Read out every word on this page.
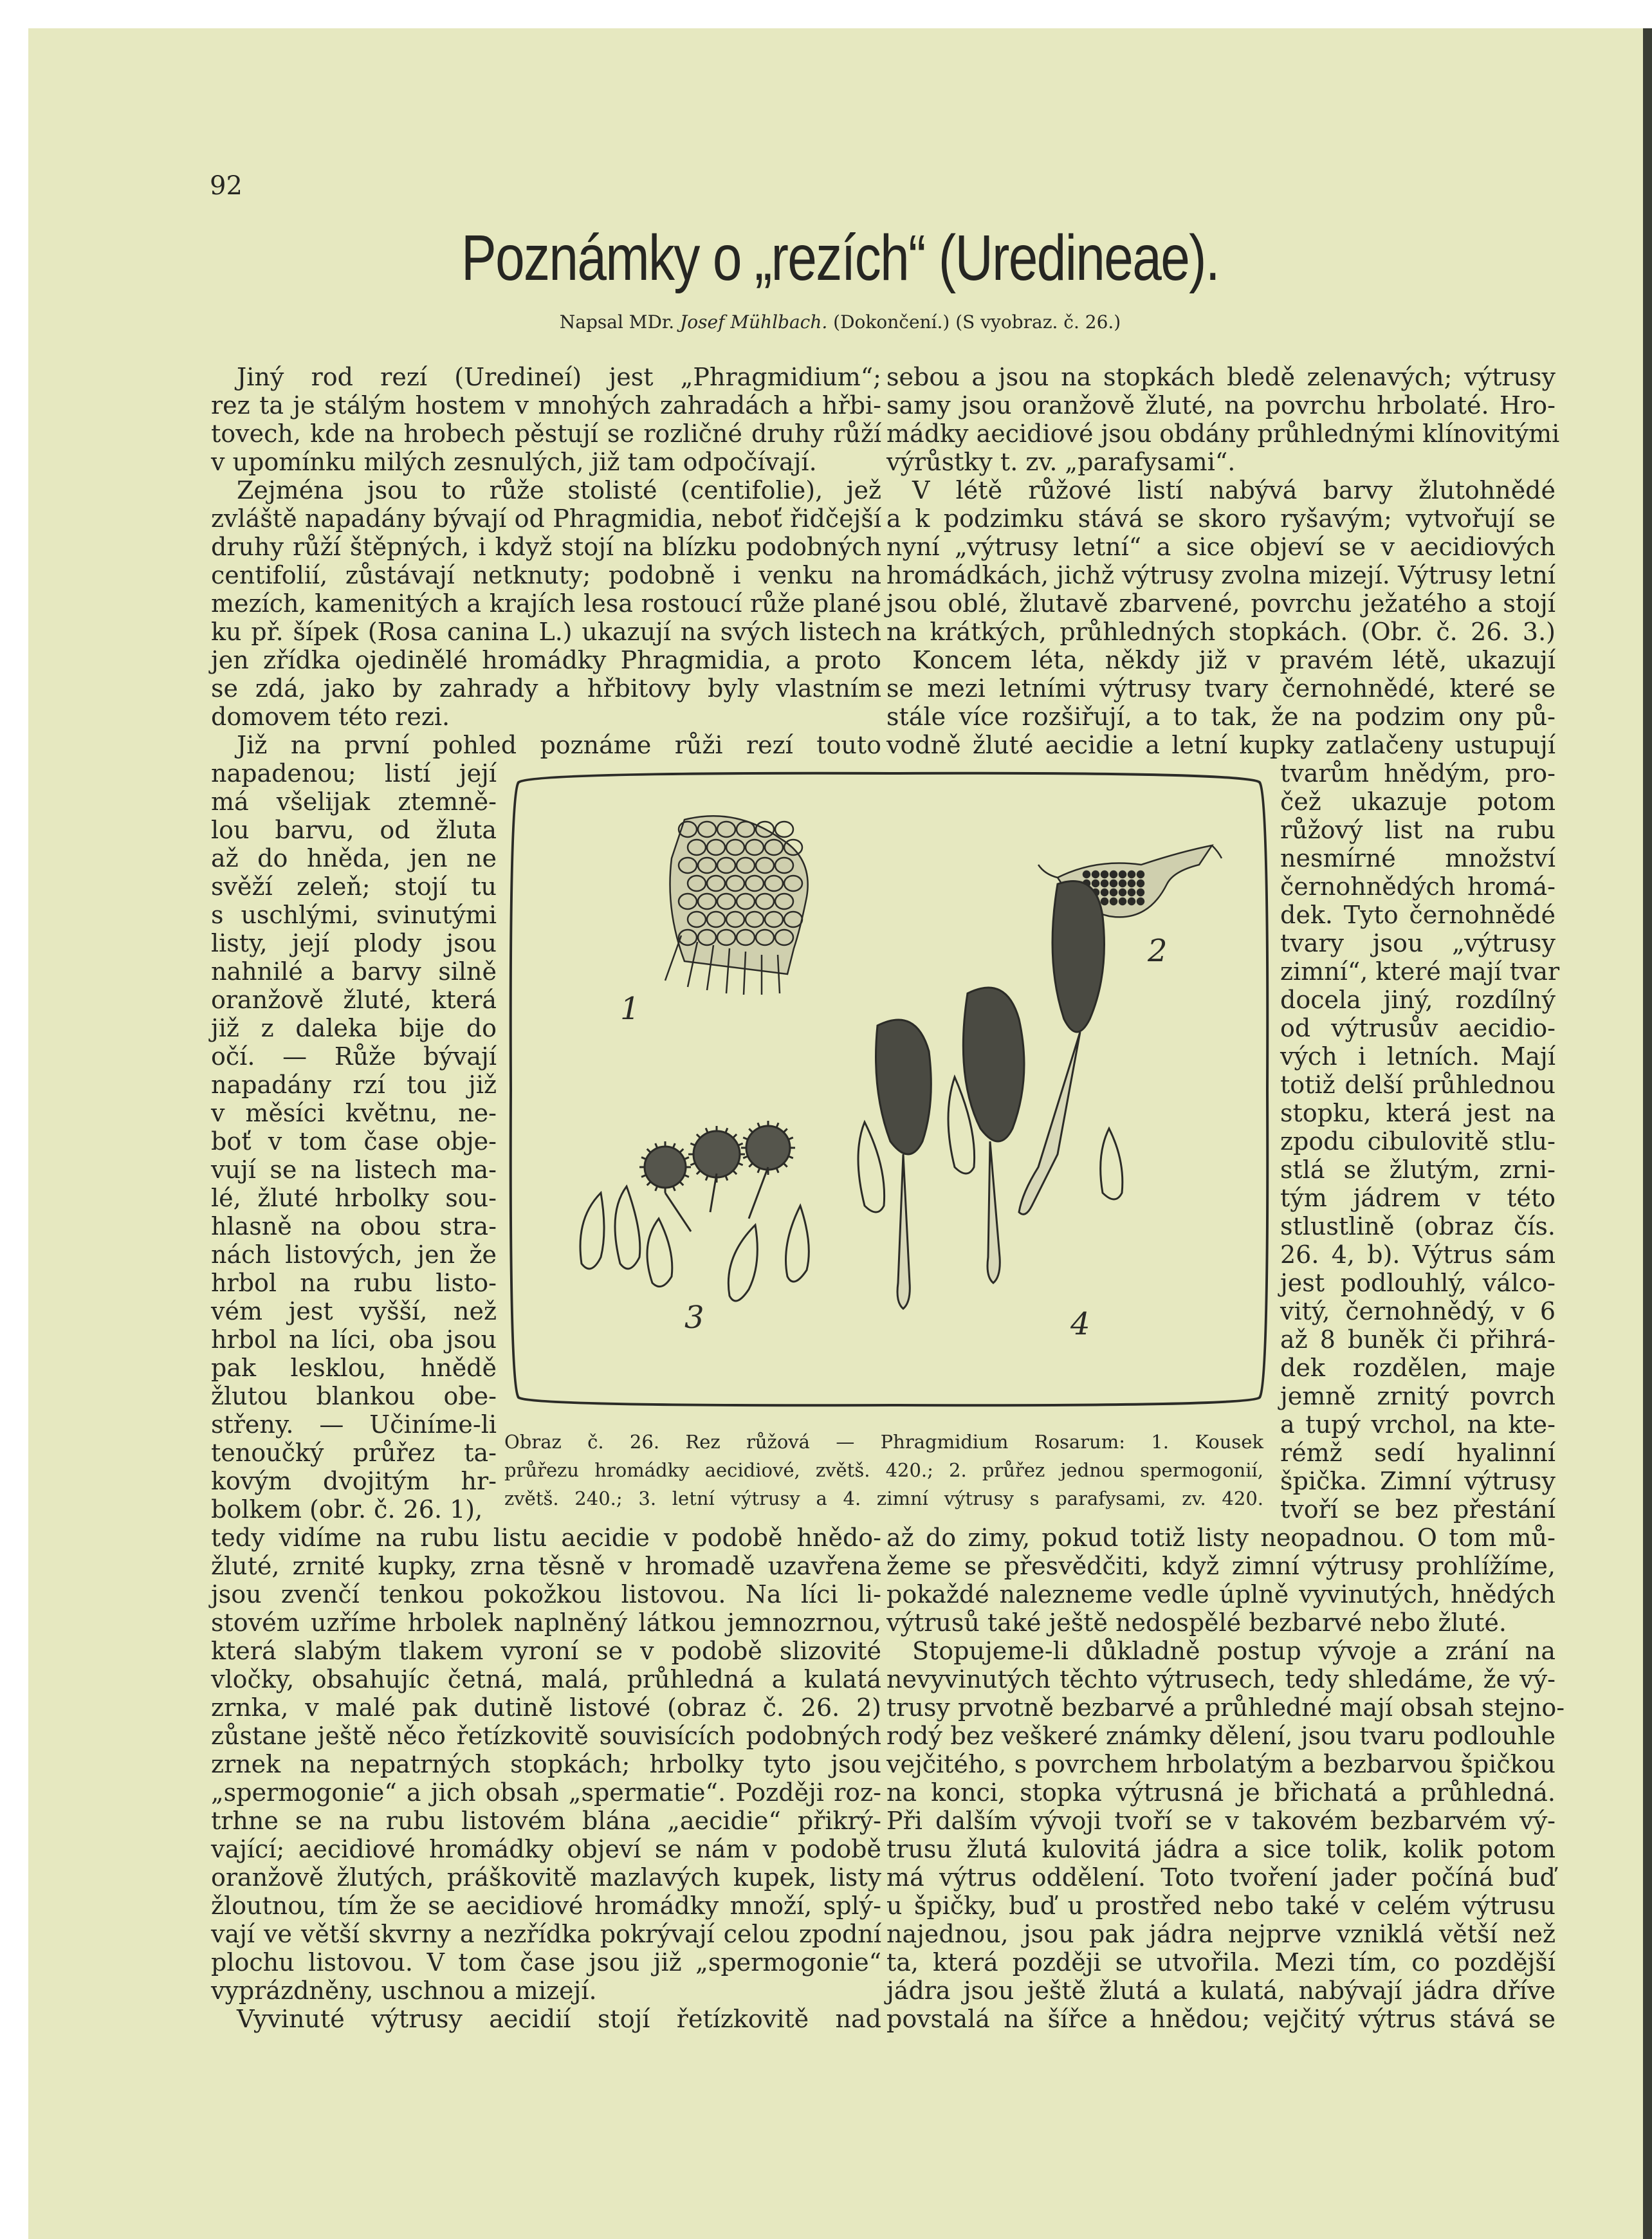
92
Poznámky o „rezích“ (Uredineae).
Napsal MDr. Josef Mühlbach. (Dokončení.) (S vyobraz. č. 26.)
Jiný rod rezí (Uredineí) jest „Phragmidium“;
rez ta je stálým hostem v mnohých zahradách a hřbi-
tovech, kde na hrobech pěstují se rozličné druhy růží
v upomínku milých zesnulých, již tam odpočívají.
Zejména jsou to růže stolisté (centifolie), jež
zvláště napadány bývají od Phragmidia, neboť řidčejší
druhy růží štěpných, i když stojí na blízku podobných
centifolií, zůstávají netknuty; podobně i venku na
mezích, kamenitých a krajích lesa rostoucí růže plané
ku př. šípek (Rosa canina L.) ukazují na svých listech
jen zřídka ojedinělé hromádky Phragmidia, a proto
se zdá, jako by zahrady a hřbitovy byly vlastním
domovem této rezi.
Již na první pohled poznáme růži rezí touto
napadenou; listí její
má všelijak ztemně-
lou barvu, od žluta
až do hněda, jen ne
svěží zeleň; stojí tu
s uschlými, svinutými
listy, její plody jsou
nahnilé a barvy silně
oranžově žluté, která
již z daleka bije do
očí. — Růže bývají
napadány rzí tou již
v měsíci květnu, ne-
boť v tom čase obje-
vují se na listech ma-
lé, žluté hrbolky sou-
hlasně na obou stra-
nách listových, jen že
hrbol na rubu listo-
vém jest vyšší, než
hrbol na líci, oba jsou
pak lesklou, hnědě
žlutou blankou obe-
střeny. — Učiníme-li
tenoučký průřez ta-
kovým dvojitým hr-
bolkem (obr. č. 26. 1),
tedy vidíme na rubu listu aecidie v podobě hnědo-
žluté, zrnité kupky, zrna těsně v hromadě uzavřena
jsou zvenčí tenkou pokožkou listovou. Na líci li-
stovém uzříme hrbolek naplněný látkou jemnozrnou,
která slabým tlakem vyroní se v podobě slizovité
vločky, obsahujíc četná, malá, průhledná a kulatá
zrnka, v malé pak dutině listové (obraz č. 26. 2)
zůstane ještě něco řetízkovitě souvisících podobných
zrnek na nepatrných stopkách; hrbolky tyto jsou
„spermogonie“ a jich obsah „spermatie“. Později roz-
trhne se na rubu listovém blána „aecidie“ přikrý-
vající; aecidiové hromádky objeví se nám v podobě
oranžově žlutých, práškovitě mazlavých kupek, listy
žloutnou, tím že se aecidiové hromádky množí, splý-
vají ve větší skvrny a nezřídka pokrývají celou zpodní
plochu listovou. V tom čase jsou již „spermogonie“
vyprázdněny, uschnou a mizejí.
Vyvinuté výtrusy aecidií stojí řetízkovitě nad
sebou a jsou na stopkách bledě zelenavých; výtrusy
samy jsou oranžově žluté, na povrchu hrbolaté. Hro-
mádky aecidiové jsou obdány průhlednými klínovitými
výrůstky t. zv. „parafysami“.
V létě růžové listí nabývá barvy žlutohnědé
a k podzimku stává se skoro ryšavým; vytvořují se
nyní „výtrusy letní“ a sice objeví se v aecidiových
hromádkách, jichž výtrusy zvolna mizejí. Výtrusy letní
jsou oblé, žlutavě zbarvené, povrchu ježatého a stojí
na krátkých, průhledných stopkách. (Obr. č. 26. 3.)
Koncem léta, někdy již v pravém létě, ukazují
se mezi letními výtrusy tvary černohnědé, které se
stále více rozšiřují, a to tak, že na podzim ony pů-
vodně žluté aecidie a letní kupky zatlačeny ustupují
tvarům hnědým, pro-
čež ukazuje potom
růžový list na rubu
nesmírné množství
černohnědých hromá-
dek. Tyto černohnědé
tvary jsou „výtrusy
zimní“, které mají tvar
docela jiný, rozdílný
od výtrusův aecidio-
vých i letních. Mají
totiž delší průhlednou
stopku, která jest na
zpodu cibulovitě stlu-
stlá se žlutým, zrni-
tým jádrem v této
stlustlině (obraz čís.
26. 4, b). Výtrus sám
jest podlouhlý, válco-
vitý, černohnědý, v 6
až 8 buněk či přihrá-
dek rozdělen, maje
jemně zrnitý povrch
a tupý vrchol, na kte-
rémž sedí hyalinní
špička. Zimní výtrusy
tvoří se bez přestání
až do zimy, pokud totiž listy neopadnou. O tom mů-
žeme se přesvědčiti, když zimní výtrusy prohlížíme,
pokaždé nalezneme vedle úplně vyvinutých, hnědých
výtrusů také ještě nedospělé bezbarvé nebo žluté.
Stopujeme-li důkladně postup vývoje a zrání na
nevyvinutých těchto výtrusech, tedy shledáme, že vý-
trusy prvotně bezbarvé a průhledné mají obsah stejno-
rodý bez veškeré známky dělení, jsou tvaru podlouhle
vejčitého, s povrchem hrbolatým a bezbarvou špičkou
na konci, stopka výtrusná je břichatá a průhledná.
Při dalším vývoji tvoří se v takovém bezbarvém vý-
trusu žlutá kulovitá jádra a sice tolik, kolik potom
má výtrus oddělení. Toto tvoření jader počíná buď
u špičky, buď u prostřed nebo také v celém výtrusu
najednou, jsou pak jádra nejprve vzniklá větší než
ta, která později se utvořila. Mezi tím, co pozdější
jádra jsou ještě žlutá a kulatá, nabývají jádra dříve
povstalá na šířce a hnědou; vejčitý výtrus stává se
1
2
3	4
Obraz č. 26. Rez růžová — Phragmidium Rosarum: 1. Kousek
průřezu hromádky aecidiové, zvětš. 420.; 2. průřez jednou spermogonií,
zvětš. 240.; 3. letní výtrusy a 4. zimní výtrusy s parafysami, zv. 420.
